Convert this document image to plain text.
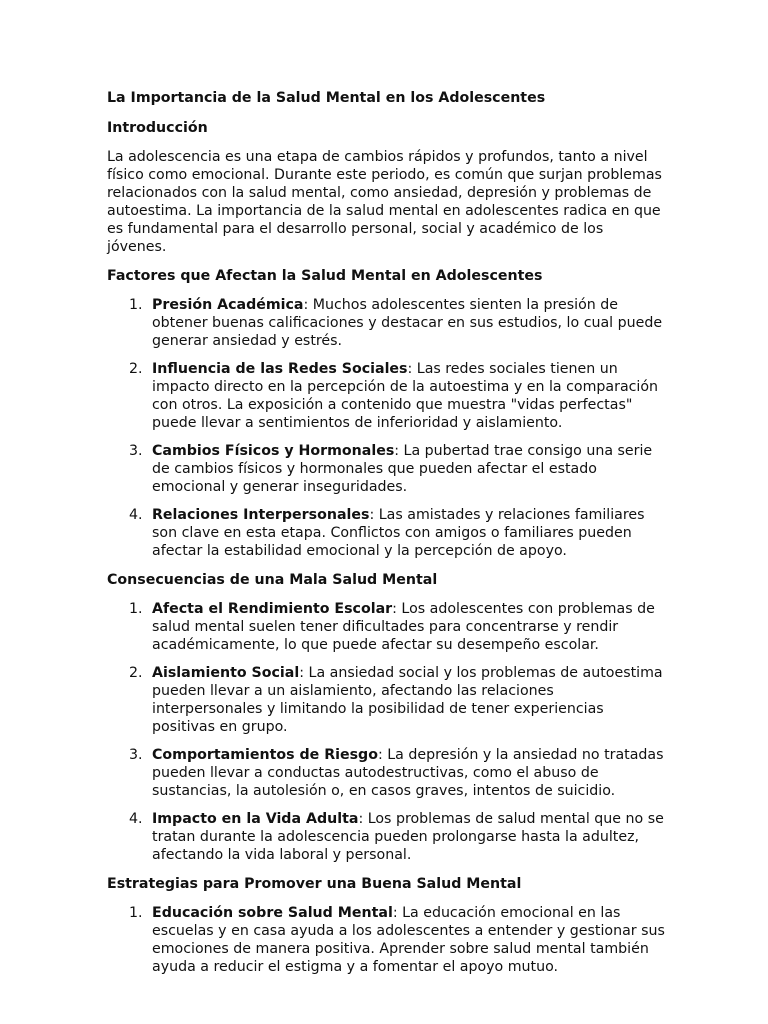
La Importancia de la Salud Mental en los Adolescentes

Introducción

La adolescencia es una etapa de cambios rápidos y profundos, tanto a nivel físico como emocional. Durante este periodo, es común que surjan problemas relacionados con la salud mental, como ansiedad, depresión y problemas de autoestima. La importancia de la salud mental en adolescentes radica en que es fundamental para el desarrollo personal, social y académico de los jóvenes.

Factores que Afectan la Salud Mental en Adolescentes

1. Presión Académica: Muchos adolescentes sienten la presión de obtener buenas calificaciones y destacar en sus estudios, lo cual puede generar ansiedad y estrés.
2. Influencia de las Redes Sociales: Las redes sociales tienen un impacto directo en la percepción de la autoestima y en la comparación con otros. La exposición a contenido que muestra "vidas perfectas" puede llevar a sentimientos de inferioridad y aislamiento.
3. Cambios Físicos y Hormonales: La pubertad trae consigo una serie de cambios físicos y hormonales que pueden afectar el estado emocional y generar inseguridades.
4. Relaciones Interpersonales: Las amistades y relaciones familiares son clave en esta etapa. Conflictos con amigos o familiares pueden afectar la estabilidad emocional y la percepción de apoyo.

Consecuencias de una Mala Salud Mental

1. Afecta el Rendimiento Escolar: Los adolescentes con problemas de salud mental suelen tener dificultades para concentrarse y rendir académicamente, lo que puede afectar su desempeño escolar.
2. Aislamiento Social: La ansiedad social y los problemas de autoestima pueden llevar a un aislamiento, afectando las relaciones interpersonales y limitando la posibilidad de tener experiencias positivas en grupo.
3. Comportamientos de Riesgo: La depresión y la ansiedad no tratadas pueden llevar a conductas autodestructivas, como el abuso de sustancias, la autolesión o, en casos graves, intentos de suicidio.
4. Impacto en la Vida Adulta: Los problemas de salud mental que no se tratan durante la adolescencia pueden prolongarse hasta la adultez, afectando la vida laboral y personal.

Estrategias para Promover una Buena Salud Mental

1. Educación sobre Salud Mental: La educación emocional en las escuelas y en casa ayuda a los adolescentes a entender y gestionar sus emociones de manera positiva. Aprender sobre salud mental también ayuda a reducir el estigma y a fomentar el apoyo mutuo.
